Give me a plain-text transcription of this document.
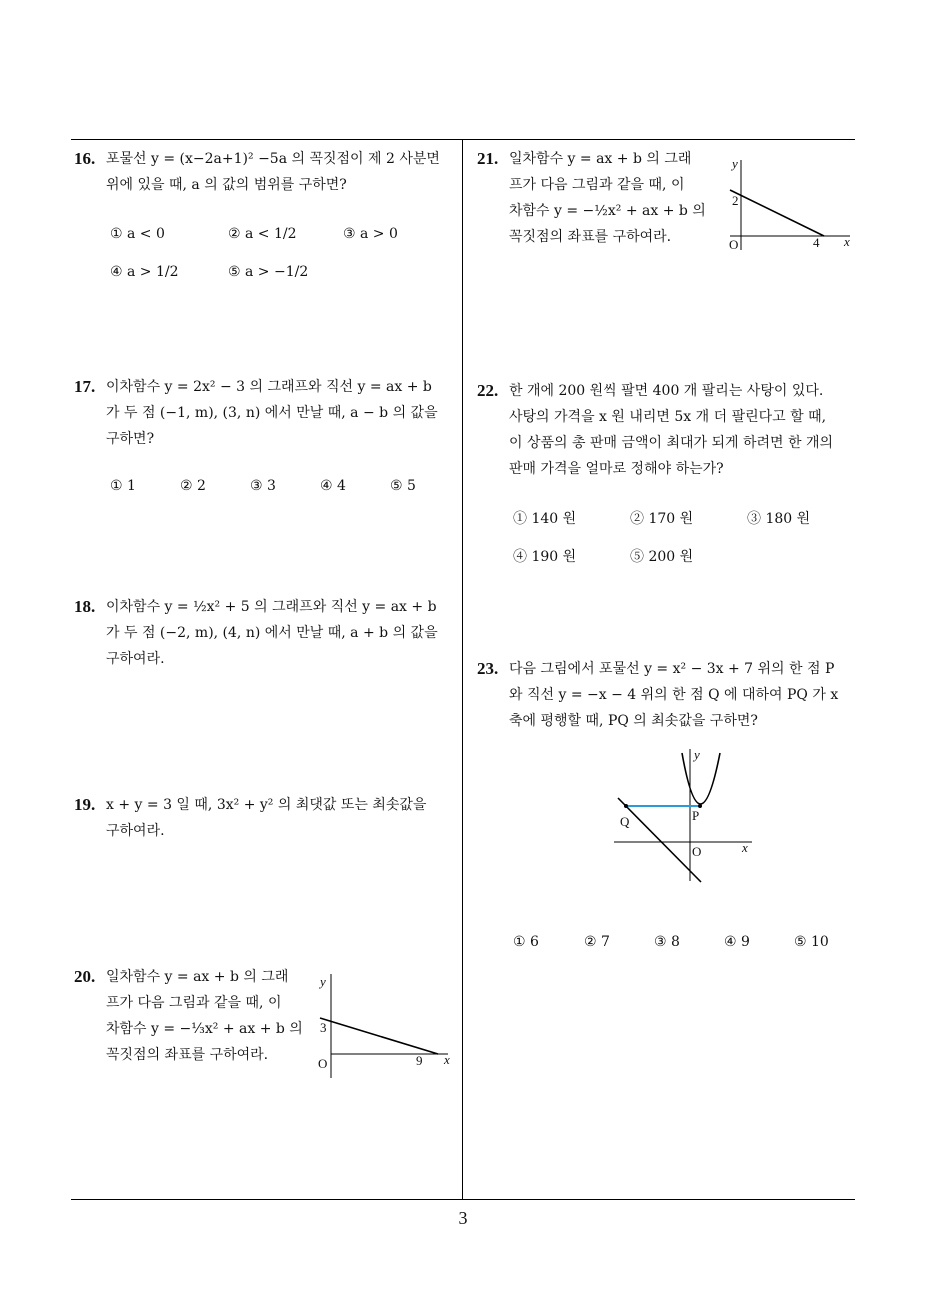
16. 포물선 y = (x−2a+1)² −5a 의 꼭짓점이 제 2 사분면
위에 있을 때, a 의 값의 범위를 구하면?
① a < 0	② a < 1/2	③ a > 0
④ a > 1/2	⑤ a > −1/2
17. 이차함수 y = 2x² − 3 의 그래프와 직선 y = ax + b
가 두 점 (−1, m), (3, n) 에서 만날 때, a − b 의 값을
구하면?
① 1	② 2	③ 3	④ 4	⑤ 5
18. 이차함수 y = ½x² + 5 의 그래프와 직선 y = ax + b
가 두 점 (−2, m), (4, n) 에서 만날 때, a + b 의 값을
구하여라.
19. x + y = 3 일 때, 3x² + y² 의 최댓값 또는 최솟값을
구하여라.
20. 일차함수 y = ax + b 의 그래
프가 다음 그림과 같을 때, 이
차함수 y = −⅓x² + ax + b 의
꼭짓점의 좌표를 구하여라.
y
x
O
3
9
21. 일차함수 y = ax + b 의 그래
프가 다음 그림과 같을 때, 이
차함수 y = −½x² + ax + b 의
꼭짓점의 좌표를 구하여라.
y
x
O
2
4
22. 한 개에 200 원씩 팔면 400 개 팔리는 사탕이 있다.
사탕의 가격을 x 원 내리면 5x 개 더 팔린다고 할 때,
이 상품의 총 판매 금액이 최대가 되게 하려면 한 개의
판매 가격을 얼마로 정해야 하는가?
① 140 원	② 170 원	③ 180 원
④ 190 원	⑤ 200 원
23. 다음 그림에서 포물선 y = x² − 3x + 7 위의 한 점 P
와 직선 y = −x − 4 위의 한 점 Q 에 대하여 PQ 가 x
축에 평행할 때, PQ 의 최솟값을 구하면?
y
x
O
Q	P
① 6	② 7	③ 8	④ 9	⑤ 10
3
